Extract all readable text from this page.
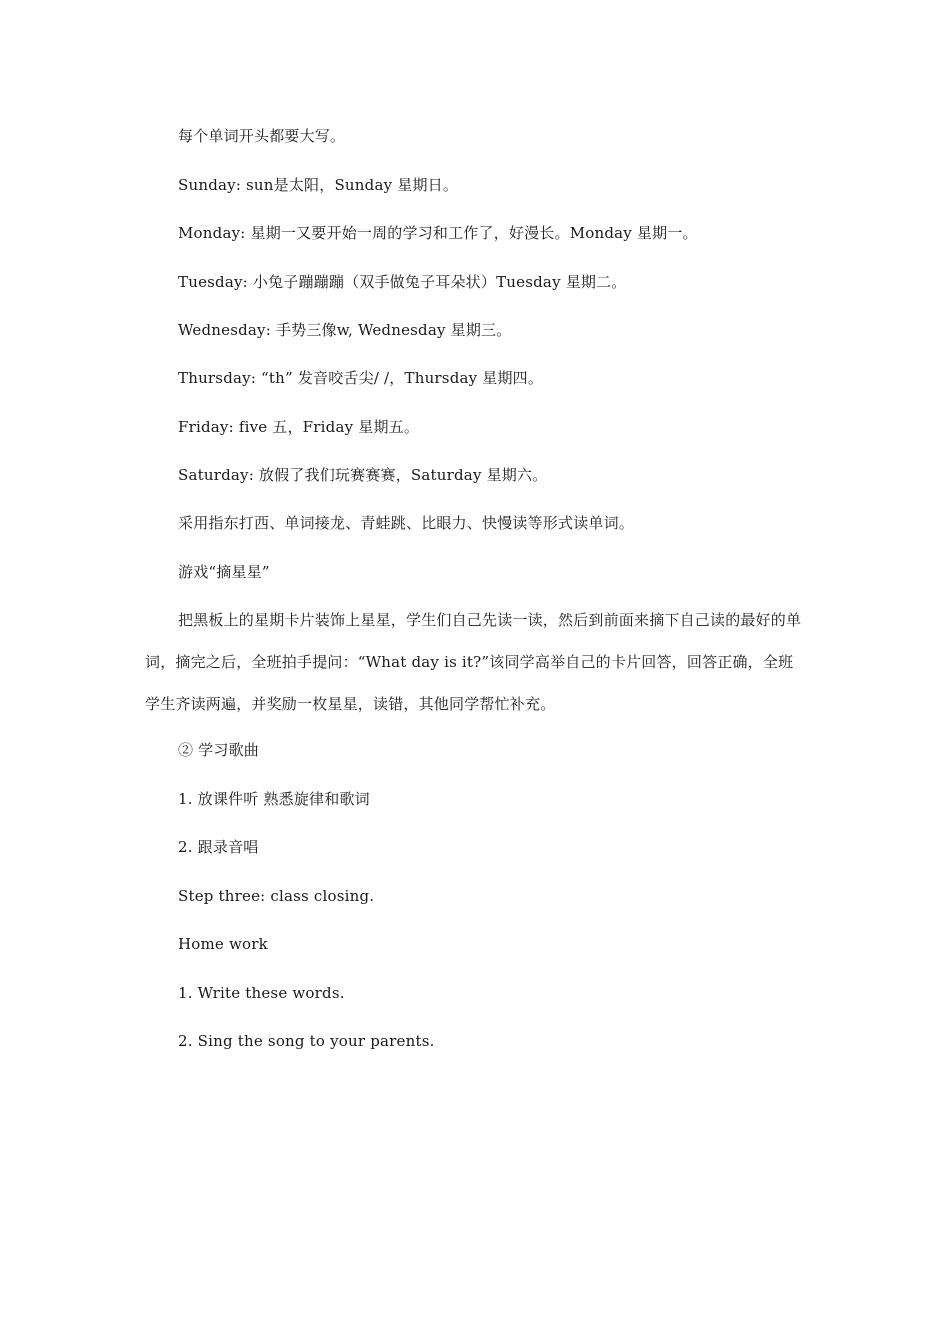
每个单词开头都要大写。
Sunday: sun是太阳，Sunday 星期日。
Monday: 星期一又要开始一周的学习和工作了，好漫长。Monday 星期一。
Tuesday: 小兔子蹦蹦蹦（双手做兔子耳朵状）Tuesday 星期二。
Wednesday: 手势三像w, Wednesday 星期三。
Thursday: “th” 发音咬舌尖/ /，Thursday 星期四。
Friday: five 五，Friday 星期五。
Saturday: 放假了我们玩赛赛赛，Saturday 星期六。
采用指东打西、单词接龙、青蛙跳、比眼力、快慢读等形式读单词。
游戏“摘星星”
把黑板上的星期卡片装饰上星星，学生们自己先读一读，然后到前面来摘下自己读的最好的单词，摘完之后，全班拍手提问：“What day is it?”该同学高举自己的卡片回答，回答正确，全班学生齐读两遍，并奖励一枚星星，读错，其他同学帮忙补充。
② 学习歌曲
1. 放课件听 熟悉旋律和歌词
2. 跟录音唱
Step three: class closing.
Home work
1. Write these words.
2. Sing the song to your parents.
